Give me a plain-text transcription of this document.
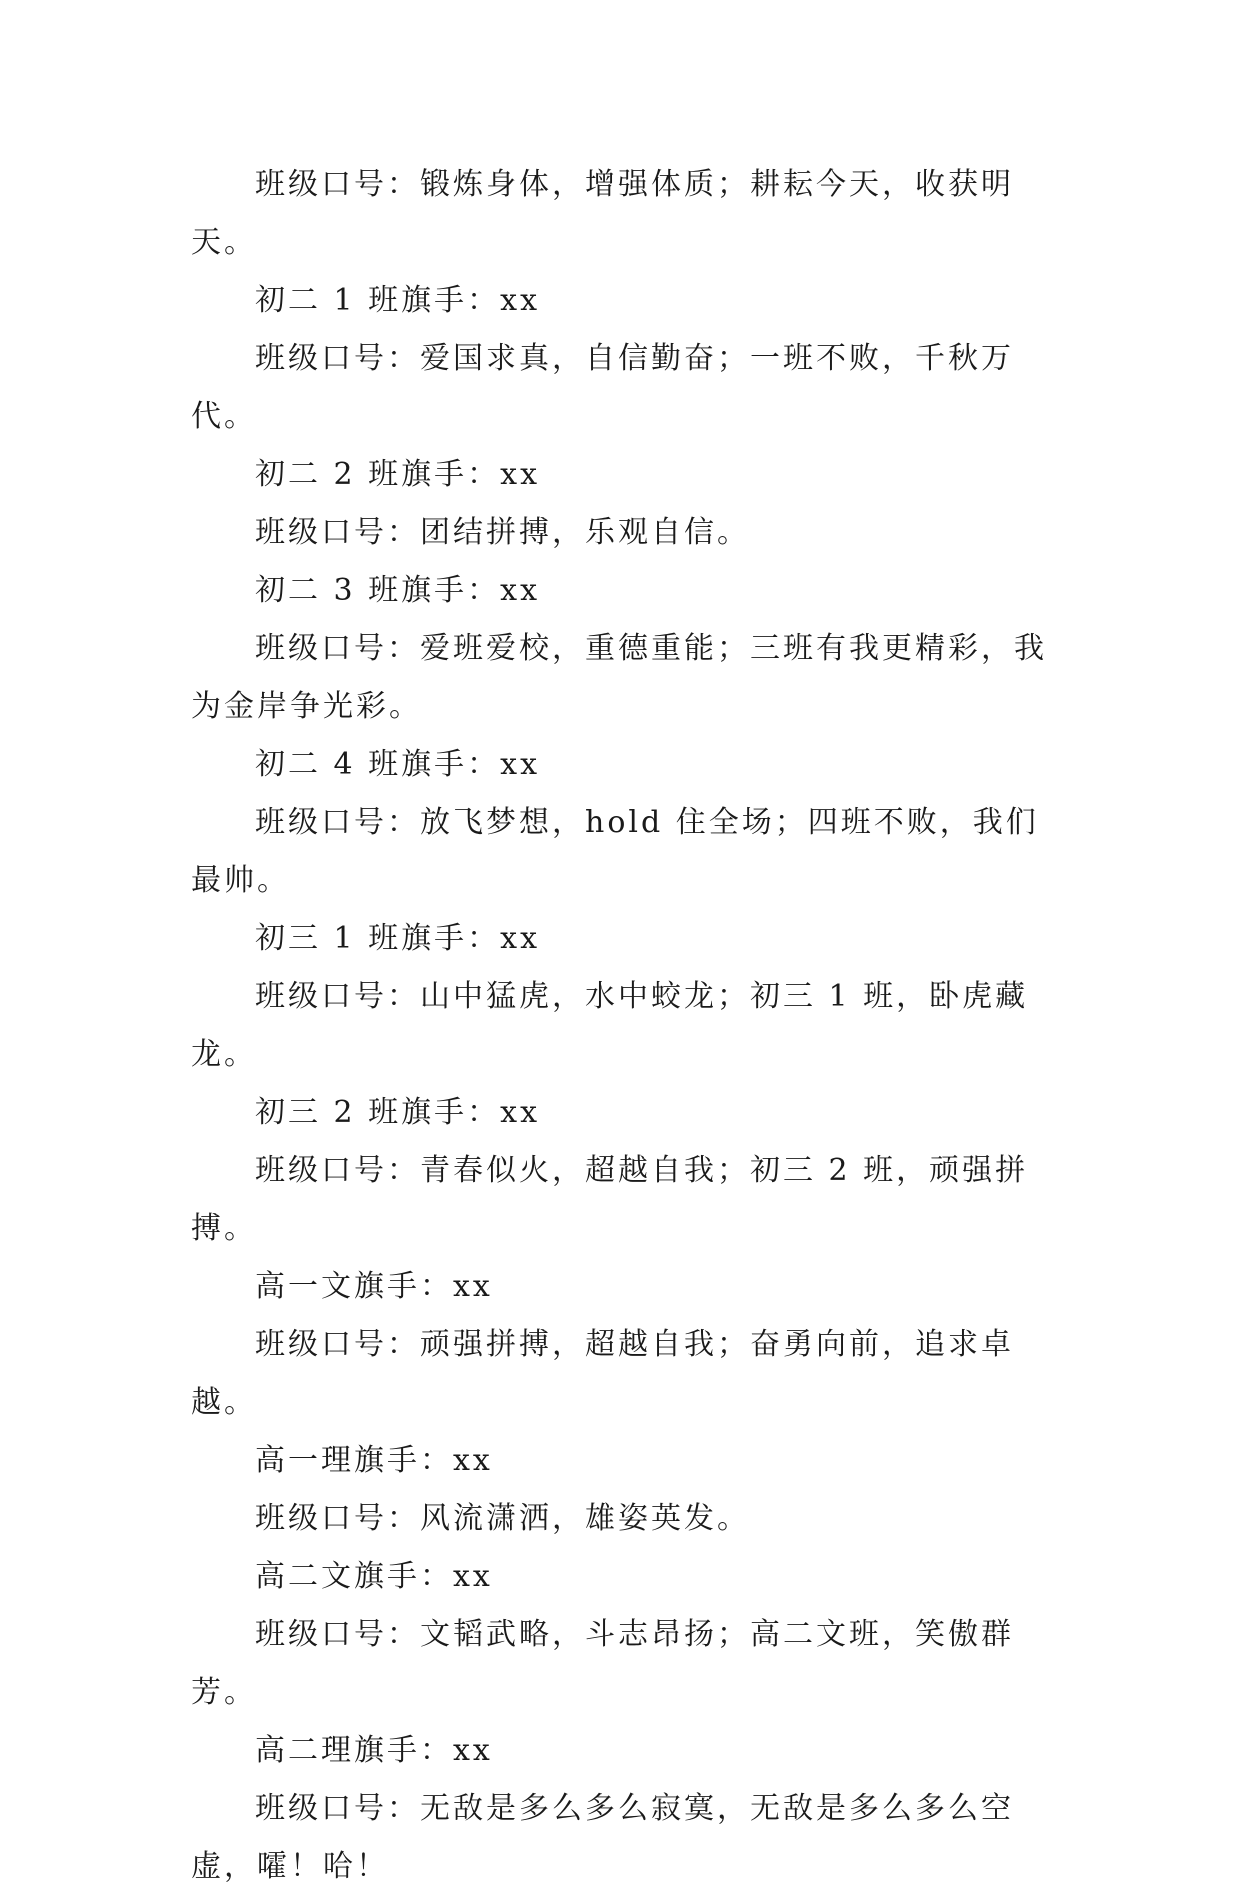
班级口号：锻炼身体，增强体质；耕耘今天，收获明天。

初二 1 班旗手：xx

班级口号：爱国求真，自信勤奋；一班不败，千秋万代。

初二 2 班旗手：xx

班级口号：团结拼搏，乐观自信。

初二 3 班旗手：xx

班级口号：爱班爱校，重德重能；三班有我更精彩，我为金岸争光彩。

初二 4 班旗手：xx

班级口号：放飞梦想，hold 住全场；四班不败，我们最帅。

初三 1 班旗手：xx

班级口号：山中猛虎，水中蛟龙；初三 1 班，卧虎藏龙。

初三 2 班旗手：xx

班级口号：青春似火，超越自我；初三 2 班，顽强拼搏。

高一文旗手：xx

班级口号：顽强拼搏，超越自我；奋勇向前，追求卓越。

高一理旗手：xx

班级口号：风流潇洒，雄姿英发。

高二文旗手：xx

班级口号：文韬武略，斗志昂扬；高二文班，笑傲群芳。

高二理旗手：xx

班级口号：无敌是多么多么寂寞，无敌是多么多么空虚，嚯！哈！
